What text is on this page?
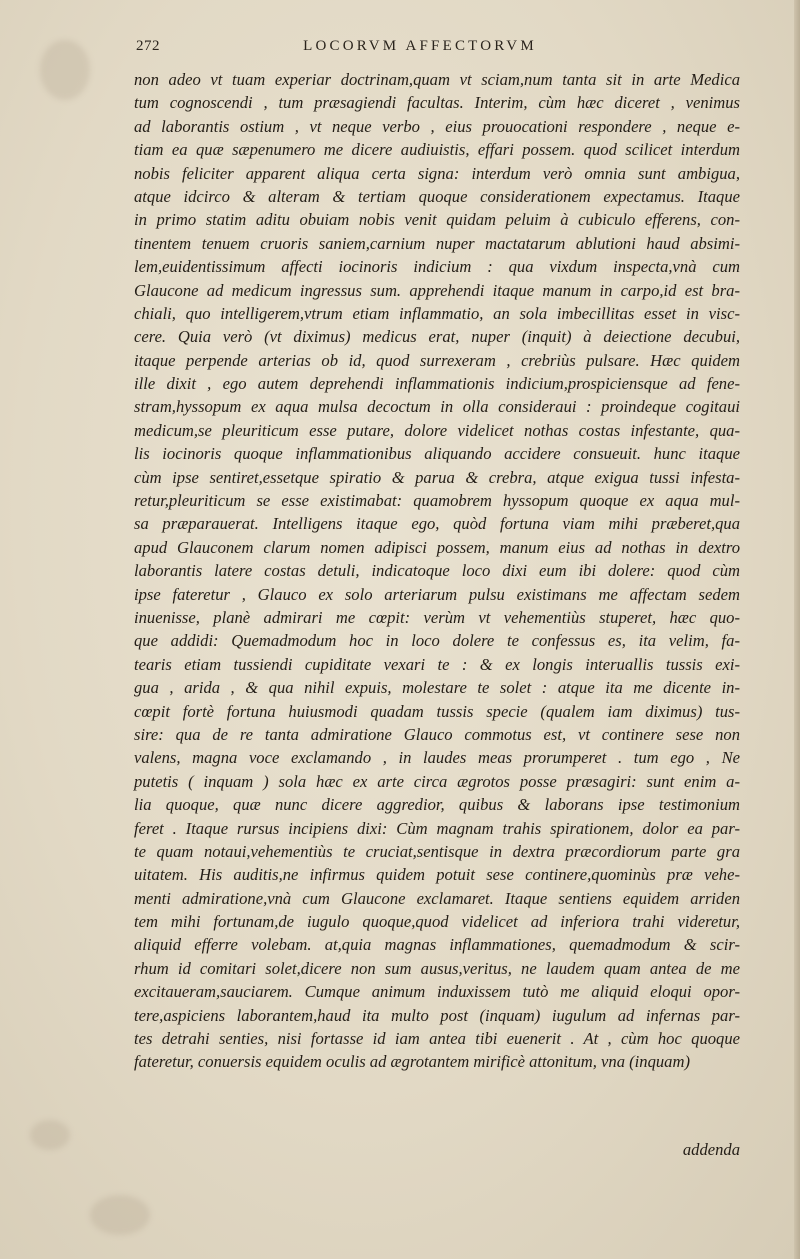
272	LOCORVM AFFECTORVM
non adeo vt tuam experiar doctrinam,quam vt sciam,num tanta sit in arte Medica
tum cognoscendi , tum præsagiendi facultas. Interim, cùm hæc diceret , venimus
ad laborantis ostium , vt neque verbo , eius prouocationi respondere , neque e-
tiam ea quæ sæpenumero me dicere audiuistis, effari possem. quod scilicet interdum
nobis feliciter apparent aliqua certa signa: interdum verò omnia sunt ambigua,
atque idcirco & alteram & tertiam quoque considerationem expectamus. Itaque
in primo statim aditu obuiam nobis venit quidam peluim à cubiculo efferens, con-
tinentem tenuem cruoris saniem,carnium nuper mactatarum ablutioni haud absimi-
lem,euidentissimum affecti iocinoris indicium : qua vixdum inspecta,vnà cum
Glaucone ad medicum ingressus sum. apprehendi itaque manum in carpo,id est bra-
chiali, quo intelligerem,vtrum etiam inflammatio, an sola imbecillitas esset in visc-
cere. Quia verò (vt diximus) medicus erat, nuper (inquit) à deiectione decubui,
itaque perpende arterias ob id, quod surrexeram , crebriùs pulsare. Hæc quidem
ille dixit , ego autem deprehendi inflammationis indicium,prospiciensque ad fene-
stram,hyssopum ex aqua mulsa decoctum in olla consideraui : proindeque cogitaui
medicum,se pleuriticum esse putare, dolore videlicet nothas costas infestante, qua-
lis iocinoris quoque inflammationibus aliquando accidere consueuit. hunc itaque
cùm ipse sentiret,essetque spiratio & parua & crebra, atque exigua tussi infesta-
retur,pleuriticum se esse existimabat: quamobrem hyssopum quoque ex aqua mul-
sa præparauerat. Intelligens itaque ego, quòd fortuna viam mihi præberet,qua
apud Glauconem clarum nomen adipisci possem, manum eius ad nothas in dextro
laborantis latere costas detuli, indicatoque loco dixi eum ibi dolere: quod cùm
ipse fateretur , Glauco ex solo arteriarum pulsu existimans me affectam sedem
inuenisse, planè admirari me cœpit: verùm vt vehementiùs stuperet, hæc quo-
que addidi: Quemadmodum hoc in loco dolere te confessus es, ita velim, fa-
tearis etiam tussiendi cupiditate vexari te : & ex longis interuallis tussis exi-
gua , arida , & qua nihil expuis, molestare te solet : atque ita me dicente in-
cœpit fortè fortuna huiusmodi quadam tussis specie (qualem iam diximus) tus-
sire: qua de re tanta admiratione Glauco commotus est, vt continere sese non
valens, magna voce exclamando , in laudes meas prorumperet . tum ego , Ne
putetis ( inquam ) sola hæc ex arte circa ægrotos posse præsagiri: sunt enim a-
lia quoque, quæ nunc dicere aggredior, quibus & laborans ipse testimonium
feret . Itaque rursus incipiens dixi: Cùm magnam trahis spirationem, dolor ea par-
te quam notaui,vehementiùs te cruciat,sentisque in dextra præcordiorum parte gra
uitatem. His auditis,ne infirmus quidem potuit sese continere,quominùs præ vehe-
menti admiratione,vnà cum Glaucone exclamaret. Itaque sentiens equidem arriden
tem mihi fortunam,de iugulo quoque,quod videlicet ad inferiora trahi videretur,
aliquid efferre volebam. at,quia magnas inflammationes, quemadmodum & scir-
rhum id comitari solet,dicere non sum ausus,veritus, ne laudem quam antea de me
excitaueram,sauciarem. Cumque animum induxissem tutò me aliquid eloqui opor-
tere,aspiciens laborantem,haud ita multo post (inquam) iugulum ad infernas par-
tes detrahi senties, nisi fortasse id iam antea tibi euenerit . At , cùm hoc quoque
fateretur, conuersis equidem oculis ad ægrotantem mirificè attonitum, vna (inquam)
addenda
